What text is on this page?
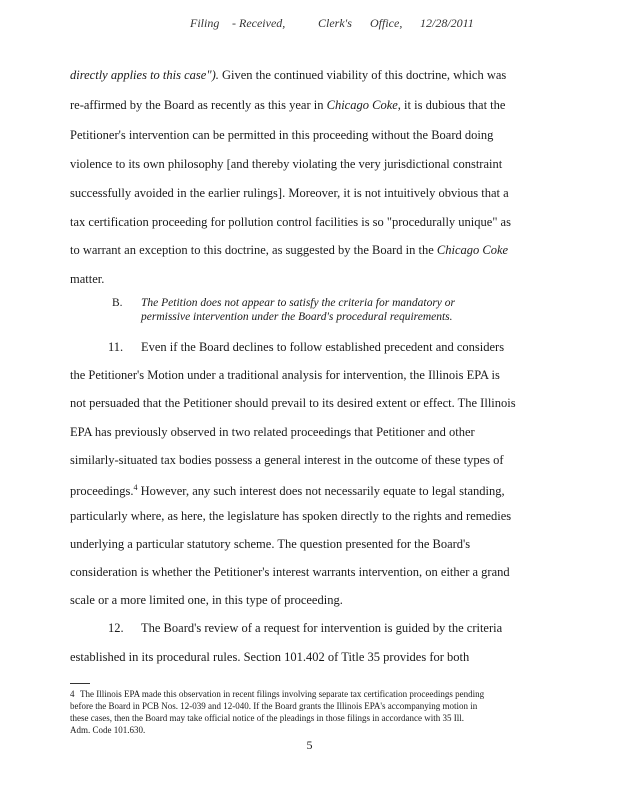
Filing - Received,	Clerk's Office, 12/28/2011
directly applies to this case"). Given the continued viability of this doctrine, which was
re-affirmed by the Board as recently as this year in Chicago Coke, it is dubious that the
Petitioner's intervention can be permitted in this proceeding without the Board doing
violence to its own philosophy [and thereby violating the very jurisdictional constraint
successfully avoided in the earlier rulings]. Moreover, it is not intuitively obvious that a
tax certification proceeding for pollution control facilities is so "procedurally unique" as
to warrant an exception to this doctrine, as suggested by the Board in the Chicago Coke
matter.
B. The Petition does not appear to satisfy the criteria for mandatory or
permissive intervention under the Board's procedural requirements.
11. Even if the Board declines to follow established precedent and considers
the Petitioner's Motion under a traditional analysis for intervention, the Illinois EPA is
not persuaded that the Petitioner should prevail to its desired extent or effect. The Illinois
EPA has previously observed in two related proceedings that Petitioner and other
similarly-situated tax bodies possess a general interest in the outcome of these types of
proceedings.$^4$ However, any such interest does not necessarily equate to legal standing,
particularly where, as here, the legislature has spoken directly to the rights and remedies
underlying a particular statutory scheme. The question presented for the Board's
consideration is whether the Petitioner's interest warrants intervention, on either a grand
scale or a more limited one, in this type of proceeding.
12. The Board's review of a request for intervention is guided by the criteria
established in its procedural rules. Section 101.402 of Title 35 provides for both
4 The Illinois EPA made this observation in recent filings involving separate tax certification proceedings pending
before the Board in PCB Nos. 12-039 and 12-040. If the Board grants the Illinois EPA's accompanying motion in
these cases, then the Board may take official notice of the pleadings in those filings in accordance with 35 Ill.
Adm. Code 101.630.
5
